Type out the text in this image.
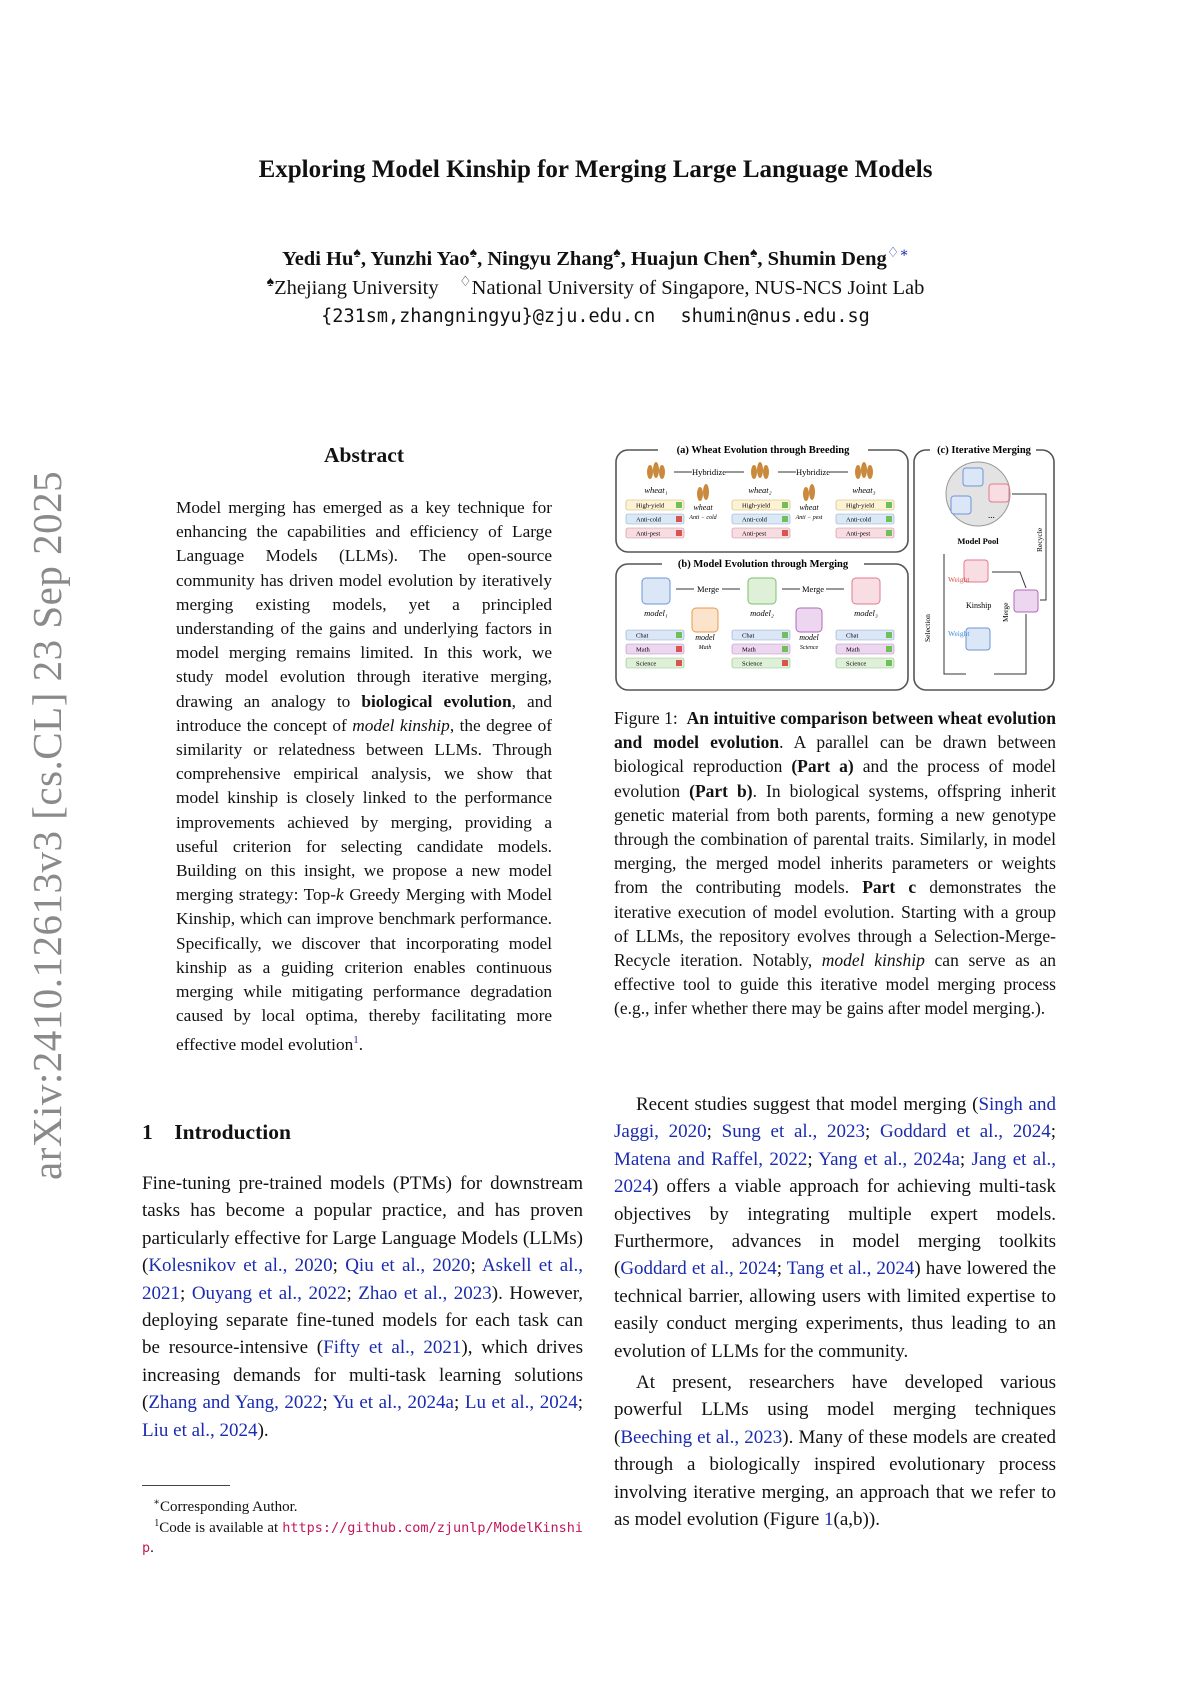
Exploring Model Kinship for Merging Large Language Models
Yedi Hu♠, Yunzhi Yao♠, Ningyu Zhang♠, Huajun Chen♠, Shumin Deng♢∗
♠Zhejiang University ♢National University of Singapore, NUS-NCS Joint Lab
{231sm,zhangningyu}@zju.edu.cn shumin@nus.edu.sg
arXiv:2410.12613v3 [cs.CL] 23 Sep 2025
Abstract
Model merging has emerged as a key technique for enhancing the capabilities and efficiency of Large Language Models (LLMs). The open-source community has driven model evolution by iteratively merging existing models, yet a principled understanding of the gains and underlying factors in model merging remains limited. In this work, we study model evolution through iterative merging, drawing an analogy to biological evolution, and introduce the concept of model kinship, the degree of similarity or relatedness between LLMs. Through comprehensive empirical analysis, we show that model kinship is closely linked to the performance improvements achieved by merging, providing a useful criterion for selecting candidate models. Building on this insight, we propose a new model merging strategy: Top-k Greedy Merging with Model Kinship, which can improve benchmark performance. Specifically, we discover that incorporating model kinship as a guiding criterion enables continuous merging while mitigating performance degradation caused by local optima, thereby facilitating more effective model evolution$^1$.
1    Introduction
Fine-tuning pre-trained models (PTMs) for downstream tasks has become a popular practice, and has proven particularly effective for Large Language Models (LLMs) (Kolesnikov et al., 2020; Qiu et al., 2020; Askell et al., 2021; Ouyang et al., 2022; Zhao et al., 2023). However, deploying separate fine-tuned models for each task can be resource-intensive (Fifty et al., 2021), which drives increasing demands for multi-task learning solutions (Zhang and Yang, 2022; Yu et al., 2024a; Lu et al., 2024; Liu et al., 2024).
∗Corresponding Author.
$^1$Code is available at https://github.com/zjunlp/ModelKinship.
(a) Wheat Evolution through Breeding
Hybridize	Hybridize
wheat₁	wheat₂	wheat₃
wheat
Anti − cold
wheat
Anti − pest
High-yield
Anti-cold
Anti-pest
High-yield
Anti-cold
Anti-pest
High-yield
Anti-cold
Anti-pest
(b) Model Evolution through Merging
Merge	Merge
model₁	model₂	model₃
model
Math
model
Science
Chat
Math
Science
Chat
Math
Science
Chat
Math
Science
(c) Iterative Merging
...
Model Pool
Weight
Selection
Kinship Merge
Weight
Recycle
Figure 1:  An intuitive comparison between wheat evolution and model evolution. A parallel can be drawn between biological reproduction (Part a) and the process of model evolution (Part b). In biological systems, offspring inherit genetic material from both parents, forming a new genotype through the combination of parental traits. Similarly, in model merging, the merged model inherits parameters or weights from the contributing models. Part c demonstrates the iterative execution of model evolution. Starting with a group of LLMs, the repository evolves through a Selection-Merge-Recycle iteration. Notably, model kinship can serve as an effective tool to guide this iterative model merging process (e.g., infer whether there may be gains after model merging.).

Recent studies suggest that model merging (Singh and Jaggi, 2020; Sung et al., 2023; Goddard et al., 2024; Matena and Raffel, 2022; Yang et al., 2024a; Jang et al., 2024) offers a viable approach for achieving multi-task objectives by integrating multiple expert models. Furthermore, advances in model merging toolkits (Goddard et al., 2024; Tang et al., 2024) have lowered the technical barrier, allowing users with limited expertise to easily conduct merging experiments, thus leading to an evolution of LLMs for the community.

At present, researchers have developed various powerful LLMs using model merging techniques (Beeching et al., 2023). Many of these models are created through a biologically inspired evolutionary process involving iterative merging, an approach that we refer to as model evolution (Figure 1(a,b)).
